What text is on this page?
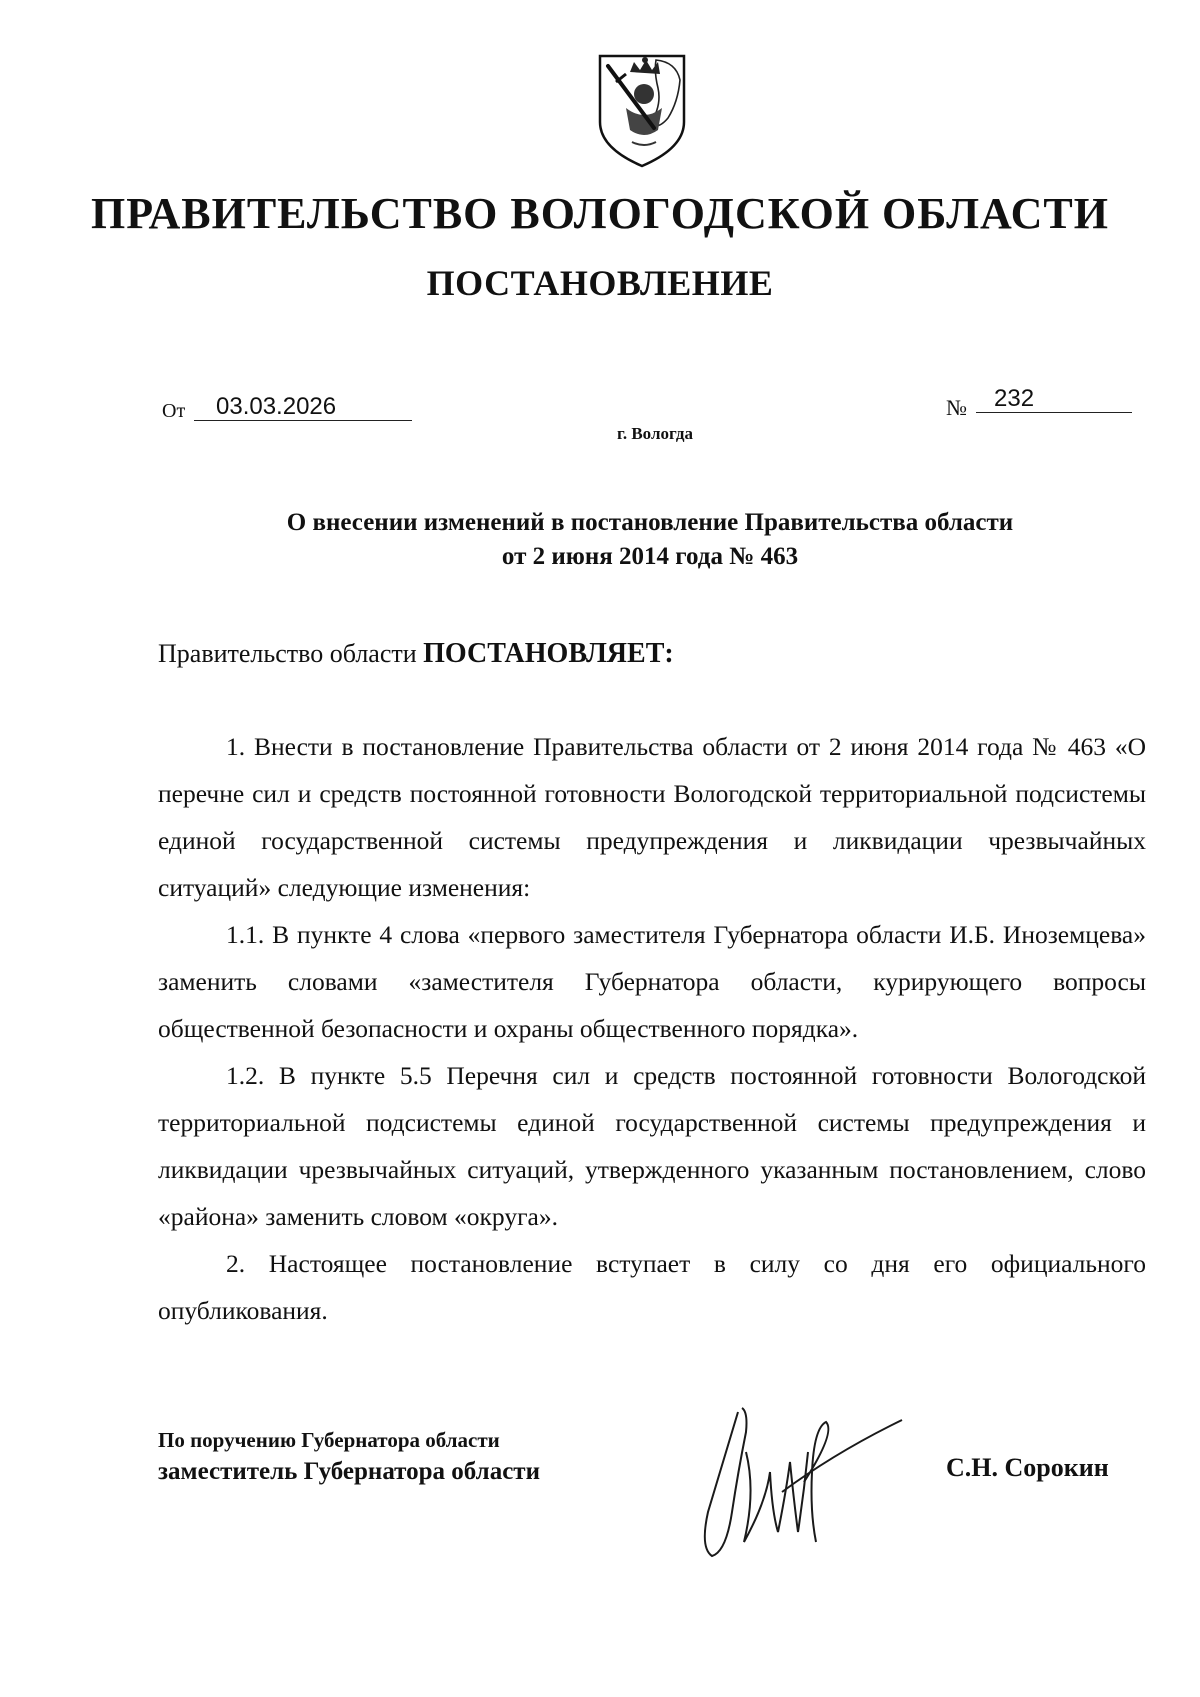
ПРАВИТЕЛЬСТВО ВОЛОГОДСКОЙ ОБЛАСТИ
ПОСТАНОВЛЕНИЕ
От	03.03.2026	№	232
г. Вологда
О внесении изменений в постановление Правительства области
от 2 июня 2014 года № 463
Правительство области ПОСТАНОВЛЯЕТ:

1. Внести в постановление Правительства области от 2 июня 2014 года № 463 «О перечне сил и средств постоянной готовности Вологодской территориальной подсистемы единой государственной системы предупреждения и ликвидации чрезвычайных ситуаций» следующие изменения:

1.1. В пункте 4 слова «первого заместителя Губернатора области И.Б. Иноземцева» заменить словами «заместителя Губернатора области, курирующего вопросы общественной безопасности и охраны общественного порядка».

1.2. В пункте 5.5 Перечня сил и средств постоянной готовности Вологодской территориальной подсистемы единой государственной системы предупреждения и ликвидации чрезвычайных ситуаций, утвержденного указанным постановлением, слово «района» заменить словом «округа».

2. Настоящее постановление вступает в силу со дня его официального опубликования.

По поручению Губернатора области
заместитель Губернатора области	С.Н. Сорокин
